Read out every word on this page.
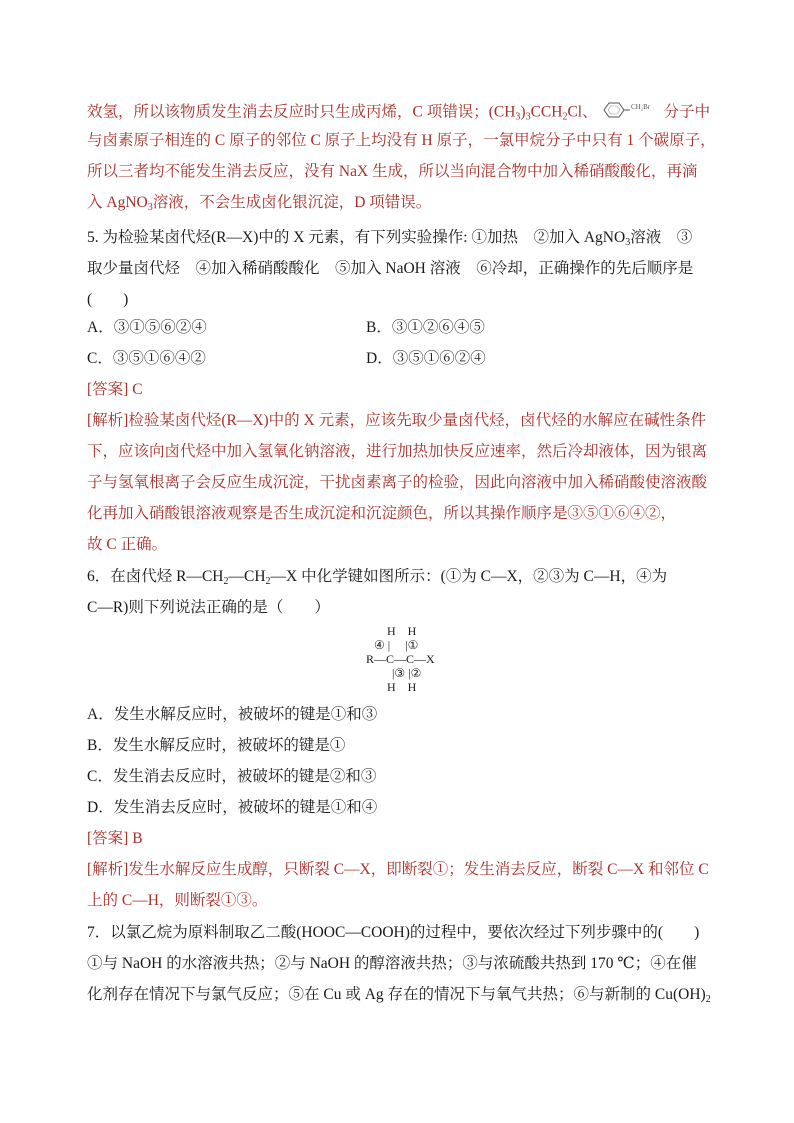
效氢，所以该物质发生消去反应时只生成丙烯，C 项错误；$(CH_3)_3CCH_2Cl$、	CH₂Br 分子中
与卤素原子相连的 C 原子的邻位 C 原子上均没有 H 原子，一氯甲烷分子中只有 1 个碳原子，
所以三者均不能发生消去反应，没有 NaX 生成，所以当向混合物中加入稀硝酸酸化，再滴
入 AgNO$_3$溶液，不会生成卤化银沉淀，D 项错误。
5. 为检验某卤代烃(R—X)中的 X 元素，有下列实验操作: ①加热　②加入 AgNO$_3$溶液　③
取少量卤代烃　④加入稀硝酸酸化　⑤加入 NaOH 溶液　⑥冷却，正确操作的先后顺序是
(　　)
A．③①⑤⑥②④	B．③①②⑥④⑤
C．③⑤①⑥④②	D．③⑤①⑥②④
[答案] C
[解析]检验某卤代烃(R—X)中的 X 元素，应该先取少量卤代烃，卤代烃的水解应在碱性条件
下，应该向卤代烃中加入氢氧化钠溶液，进行加热加快反应速率，然后冷却液体，因为银离
子与氢氧根离子会反应生成沉淀，干扰卤素离子的检验，因此向溶液中加入稀硝酸使溶液酸
化再加入硝酸银溶液观察是否生成沉淀和沉淀颜色，所以其操作顺序是③⑤①⑥④②，
故 C 正确。
6．在卤代烃 $R—CH_2—CH_2—X$ 中化学键如图所示：(①为 C—X，②③为 C—H，④为
C—R)则下列说法正确的是（　　）
H　H
④ |　 |①
R—C—C—X
|③ |②
H　H
A．发生水解反应时，被破坏的键是①和③
B．发生水解反应时，被破坏的键是①
C．发生消去反应时，被破坏的键是②和③
D．发生消去反应时，被破坏的键是①和④
[答案] B
[解析]发生水解反应生成醇，只断裂 C—X，即断裂①；发生消去反应，断裂 C—X 和邻位 C
上的 C—H，则断裂①③。
7．以氯乙烷为原料制取乙二酸(HOOC—COOH)的过程中，要依次经过下列步骤中的(　　)
①与 NaOH 的水溶液共热；②与 NaOH 的醇溶液共热；③与浓硫酸共热到 170 ℃；④在催
化剂存在情况下与氯气反应；⑤在 Cu 或 Ag 存在的情况下与氧气共热；⑥与新制的 $Cu(OH)_2$
